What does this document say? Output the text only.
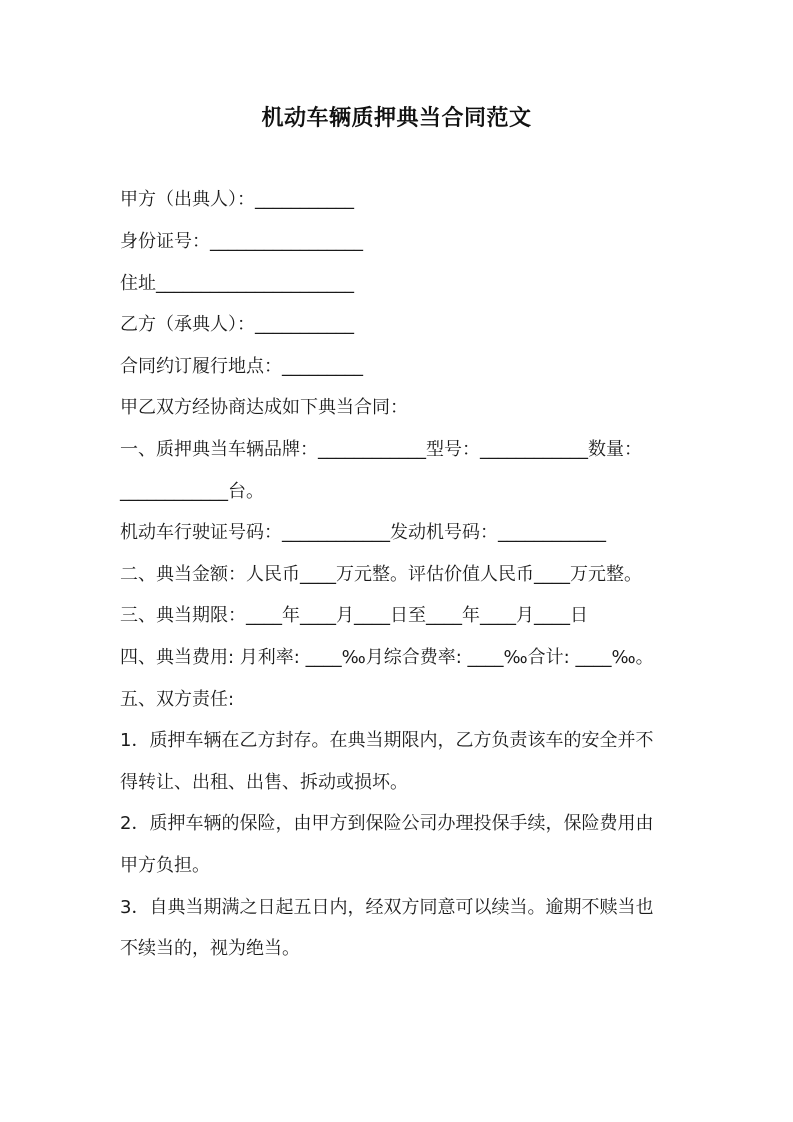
机动车辆质押典当合同范文
甲方（出典人）：___________
身份证号：_________________
住址______________________
乙方（承典人）：___________
合同约订履行地点：_________
甲乙双方经协商达成如下典当合同：
一、质押典当车辆品牌：____________型号：____________数量：
____________台。
机动车行驶证号码：____________发动机号码：____________
二、典当金额：人民币____万元整。评估价值人民币____万元整。
三、典当期限：____年____月____日至____年____月____日
四、典当费用: 月利率: ____‰月综合费率: ____‰合计: ____‰。
五、双方责任:
1．质押车辆在乙方封存。在典当期限内，乙方负责该车的安全并不
得转让、出租、出售、拆动或损坏。
2．质押车辆的保险，由甲方到保险公司办理投保手续，保险费用由
甲方负担。
3．自典当期满之日起五日内，经双方同意可以续当。逾期不赎当也
不续当的，视为绝当。
